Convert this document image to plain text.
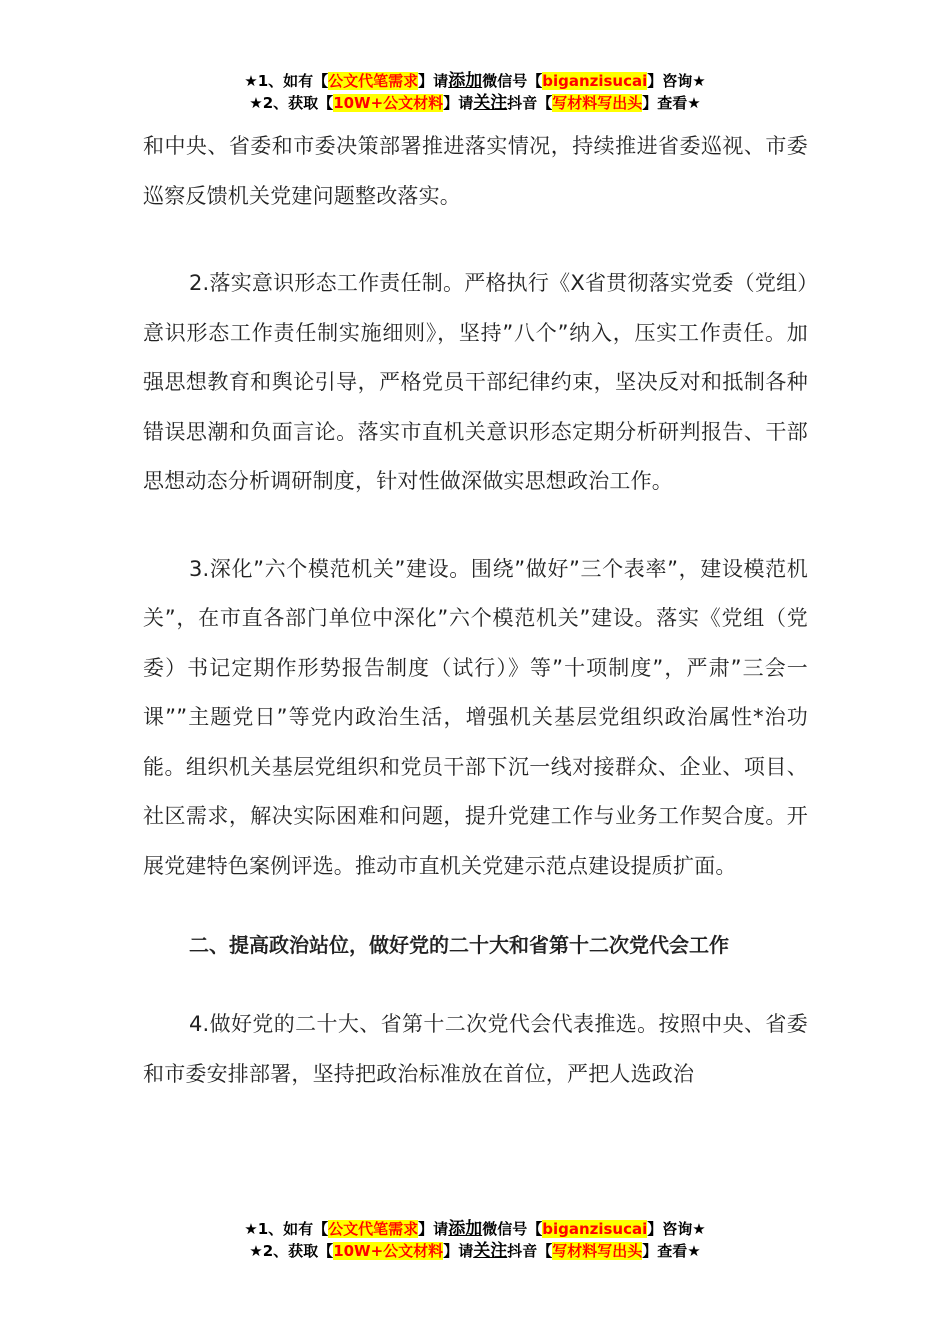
★1、如有【公文代笔需求】请添加微信号【biganzisucai】咨询★
★2、获取【10W+公文材料】请关注抖音【写材料写出头】查看★

和中央、省委和市委决策部署推进落实情况，持续推进省委巡视、市委巡察反馈机关党建问题整改落实。

2.落实意识形态工作责任制。严格执行《X省贯彻落实党委（党组）意识形态工作责任制实施细则》，坚持”八个”纳入，压实工作责任。加强思想教育和舆论引导，严格党员干部纪律约束，坚决反对和抵制各种错误思潮和负面言论。落实市直机关意识形态定期分析研判报告、干部思想动态分析调研制度，针对性做深做实思想政治工作。

3.深化”六个模范机关”建设。围绕”做好”三个表率”，建设模范机关”，在市直各部门单位中深化”六个模范机关”建设。落实《党组（党委）书记定期作形势报告制度（试行）》等”十项制度”，严肃”三会一课””主题党日”等党内政治生活，增强机关基层党组织政治属性*治功能。组织机关基层党组织和党员干部下沉一线对接群众、企业、项目、社区需求，解决实际困难和问题，提升党建工作与业务工作契合度。开展党建特色案例评选。推动市直机关党建示范点建设提质扩面。

二、提高政治站位，做好党的二十大和省第十二次党代会工作

4.做好党的二十大、省第十二次党代会代表推选。按照中央、省委和市委安排部署，坚持把政治标准放在首位，严把人选政治

★1、如有【公文代笔需求】请添加微信号【biganzisucai】咨询★
★2、获取【10W+公文材料】请关注抖音【写材料写出头】查看★
